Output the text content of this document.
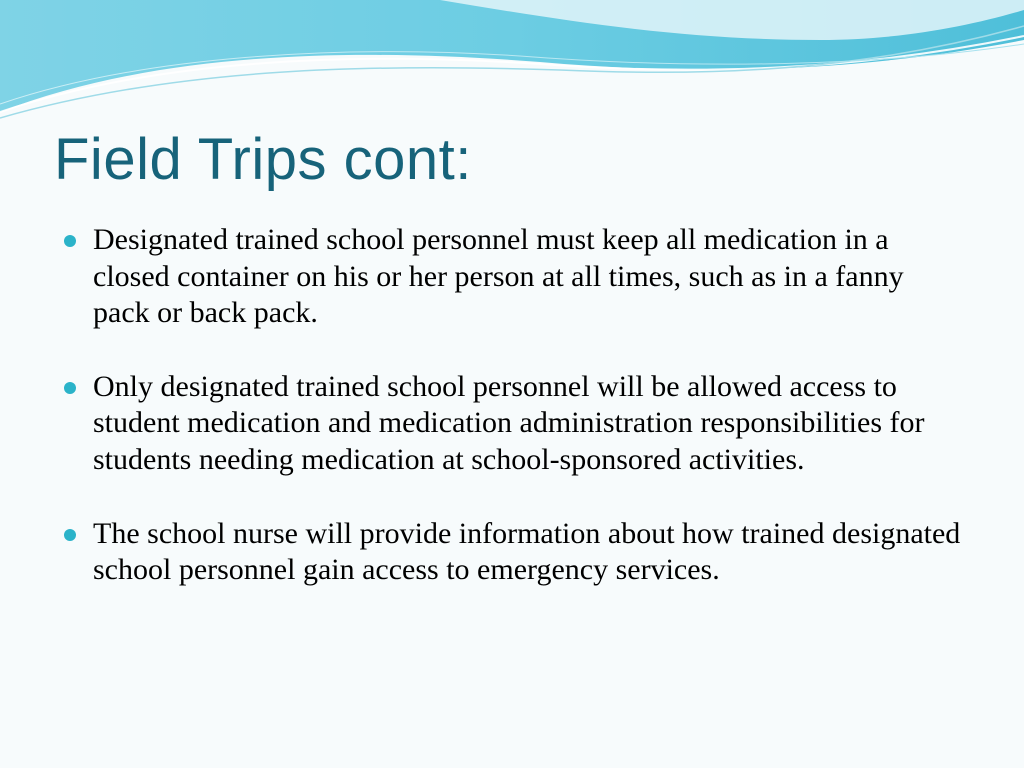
Field Trips cont:
Designated trained school personnel must keep all medication in a closed container on his or her person at all times, such as in a fanny pack or back pack.
Only designated trained school personnel will be allowed access to student medication and medication administration responsibilities for students needing medication at school-sponsored activities.
The school nurse will provide information about how trained designated school personnel gain access to emergency services.
